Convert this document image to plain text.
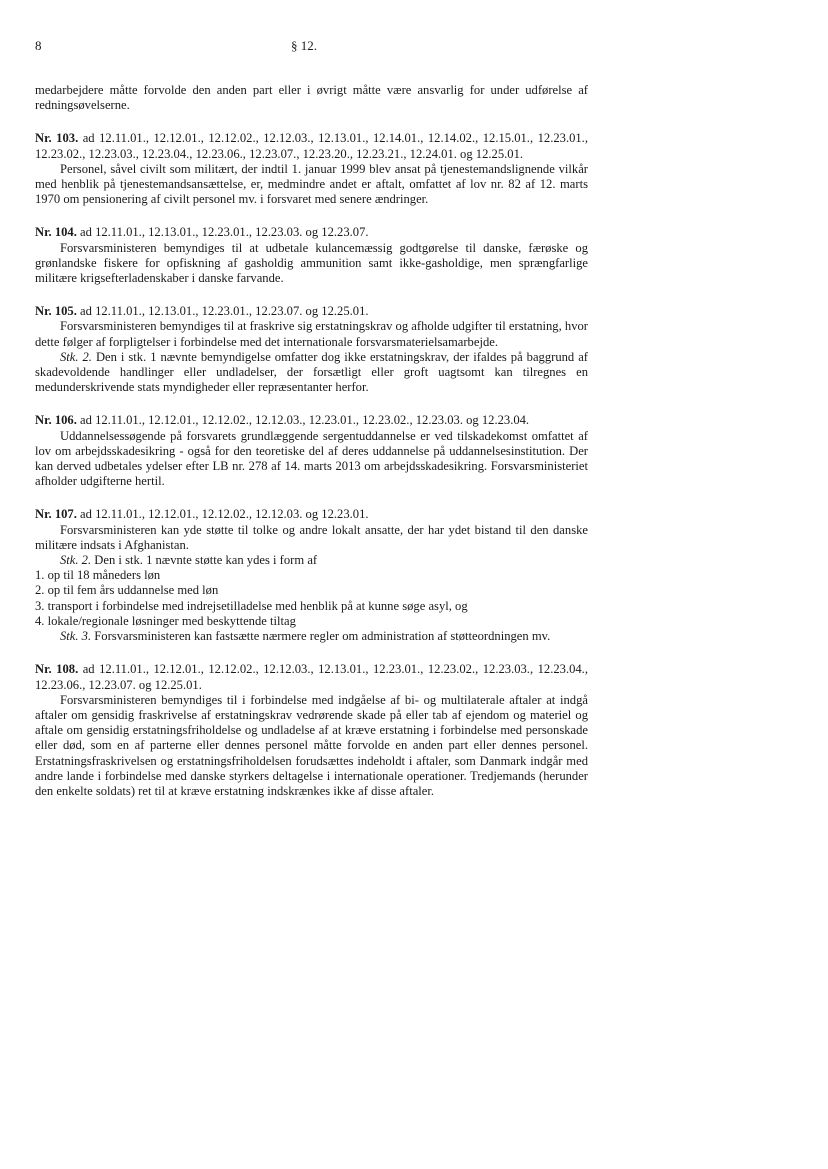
8	§ 12.

medarbejdere måtte forvolde den anden part eller i øvrigt måtte være ansvarlig for under udførelse af redningsøvelserne.

Nr. 103. ad 12.11.01., 12.12.01., 12.12.02., 12.12.03., 12.13.01., 12.14.01., 12.14.02., 12.15.01., 12.23.01., 12.23.02., 12.23.03., 12.23.04., 12.23.06., 12.23.07., 12.23.20., 12.23.21., 12.24.01. og 12.25.01.

Personel, såvel civilt som militært, der indtil 1. januar 1999 blev ansat på tjenestemandslignende vilkår med henblik på tjenestemandsansættelse, er, medmindre andet er aftalt, omfattet af lov nr. 82 af 12. marts 1970 om pensionering af civilt personel mv. i forsvaret med senere ændringer.

Nr. 104. ad 12.11.01., 12.13.01., 12.23.01., 12.23.03. og 12.23.07.

Forsvarsministeren bemyndiges til at udbetale kulancemæssig godtgørelse til danske, færøske og grønlandske fiskere for opfiskning af gasholdig ammunition samt ikke-gasholdige, men sprængfarlige militære krigsefterladenskaber i danske farvande.

Nr. 105. ad 12.11.01., 12.13.01., 12.23.01., 12.23.07. og 12.25.01.

Forsvarsministeren bemyndiges til at fraskrive sig erstatningskrav og afholde udgifter til erstatning, hvor dette følger af forpligtelser i forbindelse med det internationale forsvarsmaterielsamarbejde.

Stk. 2. Den i stk. 1 nævnte bemyndigelse omfatter dog ikke erstatningskrav, der ifaldes på baggrund af skadevoldende handlinger eller undladelser, der forsætligt eller groft uagtsomt kan tilregnes en medunderskrivende stats myndigheder eller repræsentanter herfor.

Nr. 106. ad 12.11.01., 12.12.01., 12.12.02., 12.12.03., 12.23.01., 12.23.02., 12.23.03. og 12.23.04.

Uddannelsessøgende på forsvarets grundlæggende sergentuddannelse er ved tilskadekomst omfattet af lov om arbejdsskadesikring - også for den teoretiske del af deres uddannelse på uddannelsesinstitution. Der kan derved udbetales ydelser efter LB nr. 278 af 14. marts 2013 om arbejdsskadesikring. Forsvarsministeriet afholder udgifterne hertil.

Nr. 107. ad 12.11.01., 12.12.01., 12.12.02., 12.12.03. og 12.23.01.

Forsvarsministeren kan yde støtte til tolke og andre lokalt ansatte, der har ydet bistand til den danske militære indsats i Afghanistan.

Stk. 2. Den i stk. 1 nævnte støtte kan ydes i form af

1. op til 18 måneders løn
2. op til fem års uddannelse med løn
3. transport i forbindelse med indrejsetilladelse med henblik på at kunne søge asyl, og
4. lokale/regionale løsninger med beskyttende tiltag

Stk. 3. Forsvarsministeren kan fastsætte nærmere regler om administration af støtteordningen mv.

Nr. 108. ad 12.11.01., 12.12.01., 12.12.02., 12.12.03., 12.13.01., 12.23.01., 12.23.02., 12.23.03., 12.23.04., 12.23.06., 12.23.07. og 12.25.01.

Forsvarsministeren bemyndiges til i forbindelse med indgåelse af bi- og multilaterale aftaler at indgå aftaler om gensidig fraskrivelse af erstatningskrav vedrørende skade på eller tab af ejendom og materiel og aftale om gensidig erstatningsfriholdelse og undladelse af at kræve erstatning i forbindelse med personskade eller død, som en af parterne eller dennes personel måtte forvolde en anden part eller dennes personel. Erstatningsfraskrivelsen og erstatningsfriholdelsen forudsættes indeholdt i aftaler, som Danmark indgår med andre lande i forbindelse med danske styrkers deltagelse i internationale operationer. Tredjemands (herunder den enkelte soldats) ret til at kræve erstatning indskrænkes ikke af disse aftaler.
